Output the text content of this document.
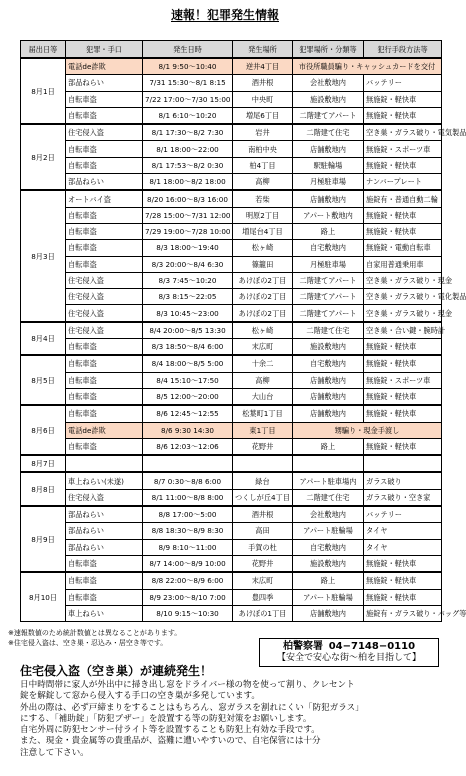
速報！犯罪発生情報
届出日等	犯罪・手口	発生日時	発生場所	犯罪場所・分類等	犯行手段方法等
8月1日	電話de詐欺	8/1 9:50〜10:40	逆井4丁目	市役所職員騙り・キャッシュカードを交付	
	部品ねらい	7/31 15:30〜8/1 8:15	酒井根	会社敷地内	バッテリー
	自転車盗	7/22 17:00〜7/30 15:00	中央町	施設敷地内	無施錠・軽快車
	自転車盗	8/1 6:10〜10:20	増尾6丁目	二階建てアパート	無施錠・軽快車
8月2日	住宅侵入盗	8/1 17:30〜8/2 7:30	岩井	二階建て住宅	空き巣・ガラス破り・電気製品
	自転車盗	8/1 18:00〜22:00	南柏中央	店舗敷地内	無施錠・スポーツ車
	自転車盗	8/1 17:53〜8/2 0:30	柏4丁目	駅駐輪場	無施錠・軽快車
	部品ねらい	8/1 18:00〜8/2 18:00	高柳	月極駐車場	ナンバープレート
8月3日	オートバイ盗	8/20 16:00〜8/3 16:00	若柴	店舗敷地内	施錠有・普通自動二輪
	自転車盗	7/28 15:00〜7/31 12:00	明原2丁目	アパート敷地内	無施錠・軽快車
	自転車盗	7/29 19:00〜7/28 10:00	増尾台4丁目	路上	無施錠・軽快車
	自転車盗	8/3 18:00〜19:40	松ヶ崎	自宅敷地内	無施錠・電動自転車
	自転車盗	8/3 20:00〜8/4 6:30	篠籠田	月極駐車場	自家用普通乗用車
	住宅侵入盗	8/3 7:45〜10:20	あけぼの2丁目	二階建てアパート	空き巣・ガラス破り・現金
	住宅侵入盗	8/3 8:15〜22:05	あけぼの2丁目	二階建てアパート	空き巣・ガラス破り・電化製品
	住宅侵入盗	8/3 10:45〜23:00	あけぼの2丁目	二階建てアパート	空き巣・ガラス破り・現金
8月4日	住宅侵入盗	8/4 20:00〜8/5 13:30	松ヶ崎	二階建て住宅	空き巣・合い鍵・腕時計
	自転車盗	8/3 18:50〜8/4 6:00	末広町	施設敷地内	無施錠・軽快車
8月5日	自転車盗	8/4 18:00〜8/5 5:00	十余二	自宅敷地内	無施錠・軽快車
	自転車盗	8/4 15:10〜17:50	高柳	店舗敷地内	無施錠・スポーツ車
	自転車盗	8/5 12:00〜20:00	大山台	店舗敷地内	無施錠・軽快車
8月6日	自転車盗	8/6 12:45〜12:55	松葉町1丁目	店舗敷地内	無施錠・軽快車
	電話de詐欺	8/6 9:30 14:30	東1丁目	甥騙り・現金手渡し	
	自転車盗	8/6 12:03〜12:06	花野井	路上	無施錠・軽快車
8月7日					
8月8日	車上ねらい(未遂)	8/7 0:30〜8/8 6:00	緑台	アパート駐車場内	ガラス破り
	住宅侵入盗	8/1 11:00〜8/8 8:00	つくしが丘4丁目	二階建て住宅	ガラス破り・空き家
8月9日	部品ねらい	8/8 17:00〜5:00	酒井根	会社敷地内	バッテリー
	部品ねらい	8/8 18:30〜8/9 8:30	高田	アパート駐輪場	タイヤ
	部品ねらい	8/9 8:10〜11:00	手賀の杜	自宅敷地内	タイヤ
	自転車盗	8/7 14:00〜8/9 10:00	花野井	施設敷地内	無施錠・軽快車
8月10日	自転車盗	8/8 22:00〜8/9 6:00	末広町	路上	無施錠・軽快車
	自転車盗	8/9 23:00〜8/10 7:00	豊四季	アパート駐輪場	無施錠・軽快車
	車上ねらい	8/10 9:15〜10:30	あけぼの1丁目	店舗敷地内	施錠有・ガラス破り・バッグ等
※速報数値のため統計数値とは異なることがあります。
※住宅侵入盗は、空き巣・忍込み・居空き等です。	柏警察署 04−7148−0110
【安全で安心な街〜柏を目指して】
住宅侵入盗（空き巣）が連続発生！
日中時間帯に家人が外出中に掃き出し窓をドライバー様の物を使って割り、クレセント
錠を解錠して窓から侵入する手口の空き巣が多発しています。
外出の際は、必ず戸締まりをすることはもちろん、窓ガラスを割れにくい「防犯ガラス」
にする、「補助錠」「防犯ブザー」を設置する等の防犯対策をお願いします。
自宅外周に防犯センサー付ライト等を設置することも防犯上有効な手段です。
また、現金・貴金属等の貴重品が、盗難に遭いやすいので、自宅保管には十分
注意して下さい。
